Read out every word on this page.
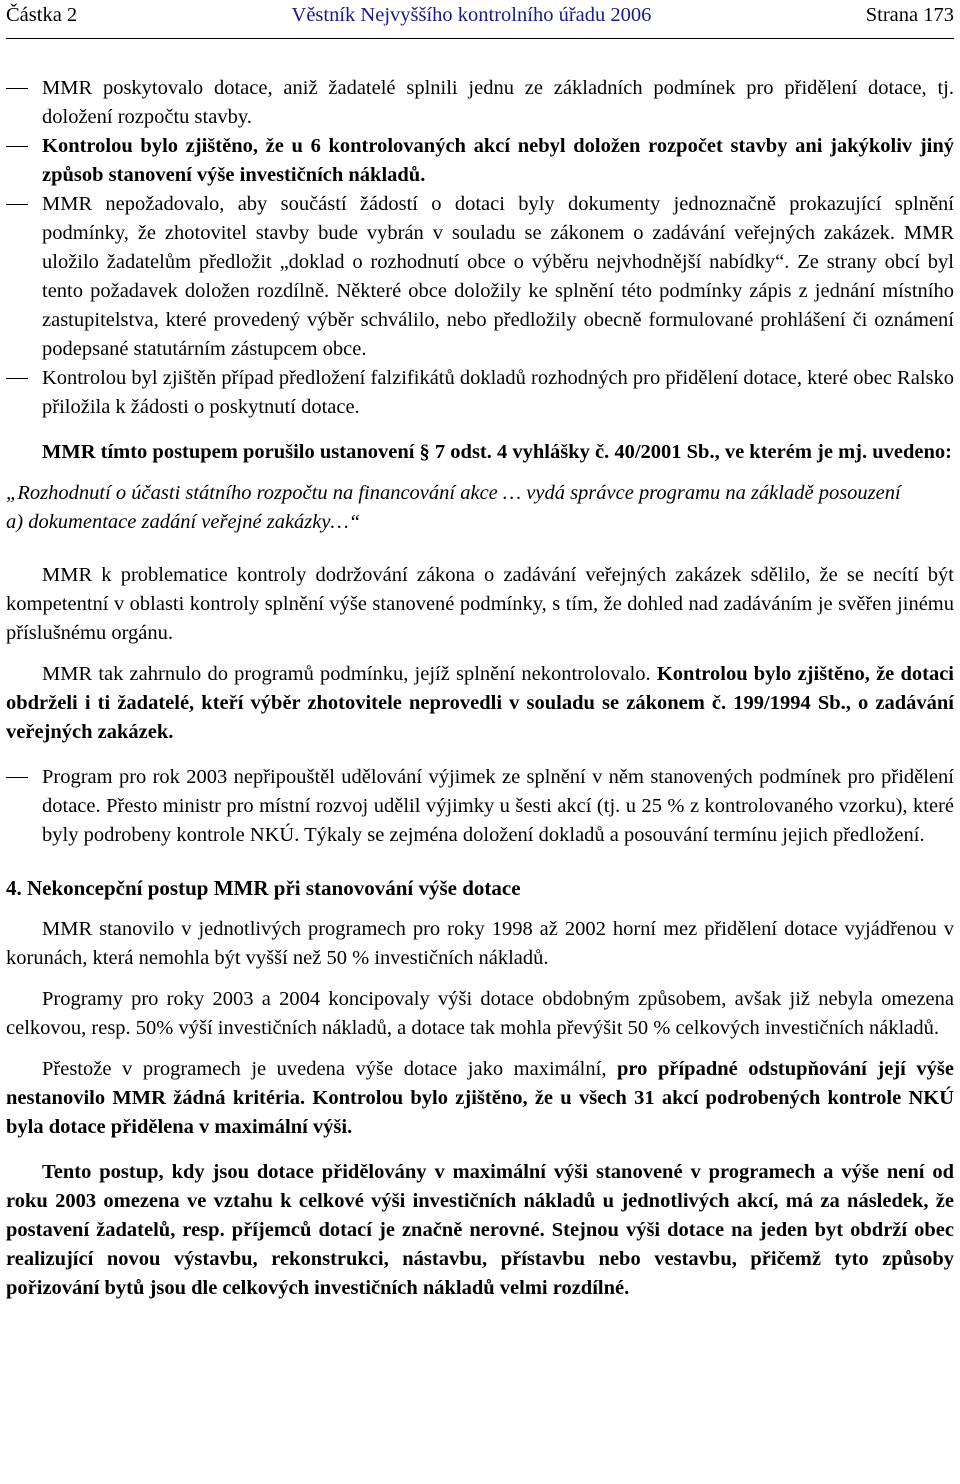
Částka 2	Věstník Nejvyššího kontrolního úřadu 2006	Strana 173
MMR poskytovalo dotace, aniž žadatelé splnili jednu ze základních podmínek pro přidělení dotace, tj. doložení rozpočtu stavby.
Kontrolou bylo zjištěno, že u 6 kontrolovaných akcí nebyl doložen rozpočet stavby ani jakýkoliv jiný způsob stanovení výše investičních nákladů.
MMR nepožadovalo, aby součástí žádostí o dotaci byly dokumenty jednoznačně prokazující splnění podmínky, že zhotovitel stavby bude vybrán v souladu se zákonem o zadávání veřejných zakázek. MMR uložilo žadatelům předložit „doklad o rozhodnutí obce o výběru nejvhodnější nabídky“. Ze strany obcí byl tento požadavek doložen rozdílně. Některé obce doložily ke splnění této podmínky zápis z jednání místního zastupitelstva, které provedený výběr schválilo, nebo předložily obecně formulované prohlášení či oznámení podepsané statutárním zástupcem obce.
Kontrolou byl zjištěn případ předložení falzifikátů dokladů rozhodných pro přidělení dotace, které obec Ralsko přiložila k žádosti o poskytnutí dotace.

MMR tímto postupem porušilo ustanovení § 7 odst. 4 vyhlášky č. 40/2001 Sb., ve kterém je mj. uvedeno:

„Rozhodnutí o účasti státního rozpočtu na financování akce … vydá správce programu na základě posouzení

a) dokumentace zadání veřejné zakázky…“

MMR k problematice kontroly dodržování zákona o zadávání veřejných zakázek sdělilo, že se necítí být kompetentní v oblasti kontroly splnění výše stanovené podmínky, s tím, že dohled nad zadáváním je svěřen jinému příslušnému orgánu.

MMR tak zahrnulo do programů podmínku, jejíž splnění nekontrolovalo. Kontrolou bylo zjištěno, že dotaci obdrželi i ti žadatelé, kteří výběr zhotovitele neprovedli v souladu se zákonem č. 199/1994 Sb., o zadávání veřejných zakázek.

Program pro rok 2003 nepřipouštěl udělování výjimek ze splnění v něm stanovených podmínek pro přidělení dotace. Přesto ministr pro místní rozvoj udělil výjimky u šesti akcí (tj. u 25 % z kontrolovaného vzorku), které byly podrobeny kontrole NKÚ. Týkaly se zejména doložení dokladů a posouvání termínu jejich předložení.

4. Nekoncepční postup MMR při stanovování výše dotace

MMR stanovilo v jednotlivých programech pro roky 1998 až 2002 horní mez přidělení dotace vyjádřenou v korunách, která nemohla být vyšší než 50 % investičních nákladů.

Programy pro roky 2003 a 2004 koncipovaly výši dotace obdobným způsobem, avšak již nebyla omezena celkovou, resp. 50% výší investičních nákladů, a dotace tak mohla převýšit 50 % celkových investičních nákladů.

Přestože v programech je uvedena výše dotace jako maximální, pro případné odstupňování její výše nestanovilo MMR žádná kritéria. Kontrolou bylo zjištěno, že u všech 31 akcí podrobených kontrole NKÚ byla dotace přidělena v maximální výši.

Tento postup, kdy jsou dotace přidělovány v maximální výši stanovené v programech a výše není od roku 2003 omezena ve vztahu k celkové výši investičních nákladů u jednotlivých akcí, má za následek, že postavení žadatelů, resp. příjemců dotací je značně nerovné. Stejnou výši dotace na jeden byt obdrží obec realizující novou výstavbu, rekonstrukci, nástavbu, přístavbu nebo vestavbu, přičemž tyto způsoby pořizování bytů jsou dle celkových investičních nákladů velmi rozdílné.
